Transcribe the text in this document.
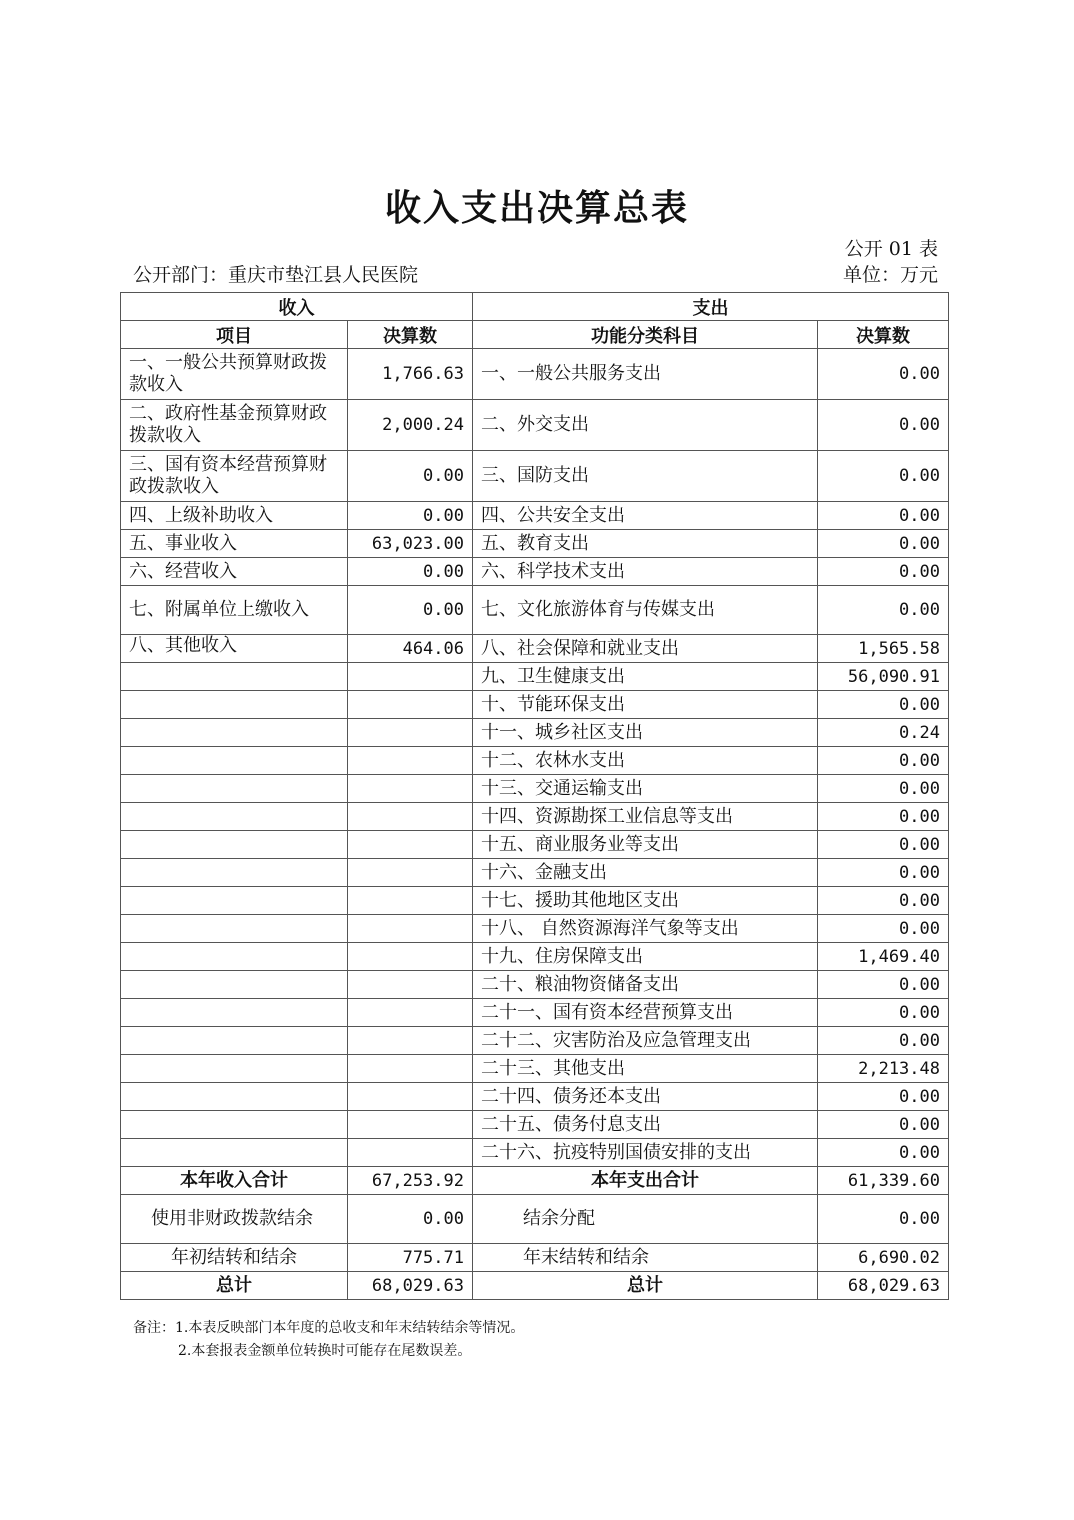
收入支出决算总表
公开 01 表
公开部门：重庆市垫江县人民医院	单位：万元
收入		支出	
项目	决算数	功能分类科目	决算数
一、一般公共预算财政拨款收入	1,766.63	一、一般公共服务支出	0.00
二、政府性基金预算财政拨款收入	2,000.24	二、外交支出	0.00
三、国有资本经营预算财政拨款收入	0.00	三、国防支出	0.00
四、上级补助收入	0.00	四、公共安全支出	0.00
五、事业收入	63,023.00	五、教育支出	0.00
六、经营收入	0.00	六、科学技术支出	0.00
七、附属单位上缴收入	0.00	七、文化旅游体育与传媒支出	0.00
八、其他收入	464.06	八、社会保障和就业支出	1,565.58
		九、卫生健康支出	56,090.91
		十、节能环保支出	0.00
		十一、城乡社区支出	0.24
		十二、农林水支出	0.00
		十三、交通运输支出	0.00
		十四、资源勘探工业信息等支出	0.00
		十五、商业服务业等支出	0.00
		十六、金融支出	0.00
		十七、援助其他地区支出	0.00
		十八、 自然资源海洋气象等支出	0.00
		十九、住房保障支出	1,469.40
		二十、粮油物资储备支出	0.00
		二十一、国有资本经营预算支出	0.00
		二十二、灾害防治及应急管理支出	0.00
		二十三、其他支出	2,213.48
		二十四、债务还本支出	0.00
		二十五、债务付息支出	0.00
		二十六、抗疫特别国债安排的支出	0.00
本年收入合计	67,253.92	本年支出合计	61,339.60
使用非财政拨款结余	0.00	结余分配	0.00
年初结转和结余	775.71	年末结转和结余	6,690.02
总计	68,029.63	总计	68,029.63
备注：1.本表反映部门本年度的总收支和年末结转结余等情况。
2.本套报表金额单位转换时可能存在尾数误差。
